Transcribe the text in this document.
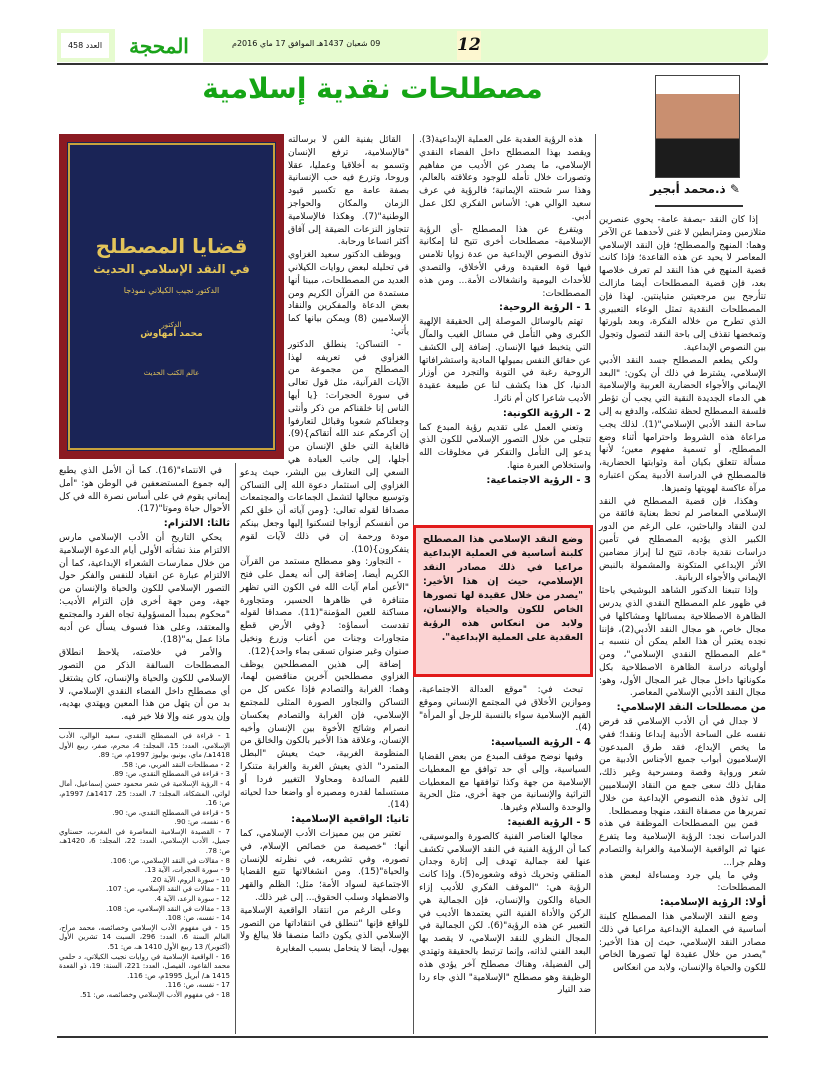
العدد 458	المحجة	09 شعبان 1437هـ الموافق 17 ماي 2016م	12
مصطلحات نقدية إسلامية
✎ ذ.محمد أبجير
قضايا المصطلح
في النقد الإسلامي الحديث
الدكتور نجيب الكيلاني نموذجا
الدكتور
محمد أمهاوش
عالم الكتب الحديث

إذا كان النقد -بصفة عامة- يحوي عنصرين متلازمين ومترابطين لا غنى لأحدهما عن الآخر وهما: المنهج والمصطلح؛ فإن النقد الإسلامي المعاصر لا يحيد عن هذه القاعدة؛ فإذا كانت قضية المنهج في هذا النقد لم تعرف خلاصها بعد، فإن قضية المصطلحات أيضا مازالت تتأرجح بين مرجعيتين متباينتين. لهذا فإن المصطلحات النقدية تمثل الوعاء التعبيري الذي تطرح من خلاله الفكرة، وبعد بلورتها وتمخضها تقذف إلى باحة النقد لتصول وتجول بين النصوص الإبداعية.

ولكي يطعم المصطلح جسد النقد الأدبي الإسلامي، يشترط في ذلك أن يكون: "البعد الإيماني والأجواء الحضارية العربية والإسلامية هي الدماء الجديدة النقية التي يجب أن تؤطر فلسفة المصطلح لحظة تشكله، والدفع به إلى ساحة النقد الأدبي الإسلامي"(1). لذلك يجب مراعاة هذه الشروط واحترامها أثناء وضع المصطلح، أو تسمية مفهوم معين؛ لأنها مسألة تتعلق بكيان أمة وثوابتها الحضارية، فالمصطلح في الدراسة الأدبية يمكن اعتباره مرآة عاكسة لهويتها وتميزها.

وهكذا، فإن قضية المصطلح في النقد الإسلامي المعاصر لم تحظ بعناية فائقة من لدن النقاد والباحثين، على الرغم من الدور الكبير الذي يؤديه المصطلح في تأمين دراسات نقدية جادة، تتيح لنا إبراز مضامين الأثر الإبداعي المتكونة والمشمولة بالنبض الإيماني والأجواء الربانية.

وإذا تتبعنا الدكتور الشاهد البوشيخي باحثا في ظهور علم المصطلح النقدي الذي يدرس الظاهرة الاصطلاحية بمسائلها ومشاكلها في مجال خاص، هو مجال النقد الأدبي(2)، فإننا نجده يعتبر أن هذا العلم يمكن أن ننسبه بـ "علم المصطلح النقدي الإسلامي"، ومن أولوياته دراسة الظاهرة الاصطلاحية بكل مكوناتها داخل مجال غير المجال الأول، وهو: مجال النقد الأدبي الإسلامي المعاصر.

من مصطلحات النقد الإسلامي:

لا جدال في أن الأدب الإسلامي قد فرض نفسه على الساحة الأدبية إبداعا ونقدا؛ ففي ما يخص الإبداع، فقد طرق المبدعون الإسلاميون أبواب جميع الأجناس الأدبية من شعر ورواية وقصة ومسرحية وغير ذلك، مقابل ذلك سعى جمع من النقاد الإسلاميين إلى تذوق هذه النصوص الإبداعية من خلال تمريرها من مصفاة النقد، منهجا ومصطلحا.

فمن بين المصطلحات الموظفة في هذه الدراسات نجد: الرؤية الإسلامية وما يتفرع عنها ثم الواقعية الإسلامية والغرابة والتصادم وهلم جرا...

وفي ما يلي جرد ومساءلة لبعض هذه المصطلحات:

أولا: الرؤية الإسلامية:

وضع النقد الإسلامي هذا المصطلح كلبنة أساسية في العملية الإبداعية مراعيا في ذلك مصادر النقد الإسلامي، حيث إن هذا الأخير: "يصدر من خلال عقيدة لها تصورها الخاص للكون والحياة والإنسان، ولابد من انعكاس

هذه الرؤية العقدية على العملية الإبداعية(3). ويقصد بهذا المصطلح داخل الفضاء النقدي الإسلامي، ما يصدر عن الأديب من مفاهيم وتصورات خلال تأمله للوجود وعلاقته بالعالم، وهذا سر شحنته الإيمانية؛ فالرؤية في عرف سعيد الوالي هي: الأساس الفكري لكل عمل أدبي.

ويتفرع عن هذا المصطلح -أي الرؤية الإسلامية- مصطلحات أخرى تتيح لنا إمكانية تذوق النصوص الإبداعية من عدة زوايا تلامس فيها قوة العقيدة ورقي الأخلاق، والتصدي للأحداث اليومية وانشغالات الأمة... ومن هذه المصطلحات:

1 - الرؤية الروحية:

تهتم بالوسائل الموصلة إلى الحقيقة الإلهية الكبرى وهي التأمل في مسائل الغيب والمآل التي يتخبط فيها الإنسان. إضافة إلى الكشف عن حقائق النفس بميولها المادية واستشرافاتها الروحية رغبة في التوبة والتجرد من أوزار الدنيا، كل هذا يكشف لنا عن طبيعة عقيدة الأديب شاعرا كان أم ناثرا.

2 - الرؤية الكونية:

وتعني العمل على تقديم رؤية المبدع كما تتجلى من خلال التصور الإسلامي للكون الذي يدعو إلى التأمل والتفكر في مخلوقات الله واستخلاص العبرة منها.

3 - الرؤية الاجتماعية:
وضع النقد الإسلامي هذا المصطلح كلبنة أساسية في العملية الإبداعية مراعيا في ذلك مصادر النقد الإسلامي، حيث إن هذا الأخير: "يصدر من خلال عقيدة لها تصورها الخاص للكون والحياة والإنسان، ولابد من انعكاس هذه الرؤية العقدية على العملية الإبداعية".

تبحث في: "موقع العدالة الاجتماعية، وموازين الأخلاق في المجتمع الإنساني وموقع القيم الإسلامية سواء بالنسبة للرجل أو المرأة"(4).

4 - الرؤية السياسية:

وفيها نوضح موقف المبدع من بعض القضايا السياسية، وإلى أي حد توافق مع المعطيات الإسلامية من جهة وكذا توافقها مع المعطيات التراثية والإنسانية من جهة أخرى، مثل الحرية والوحدة والسلام وغيرها.

5 - الرؤية الفنية:

مجالها العناصر الفنية كالصورة والموسيقى، كما أن الرؤية الفنية في النقد الإسلامي تكشف عنها لغة جمالية تهدف إلى إثارة وجدان المتلقي وتحريك ذوقه وشعوره(5). وإذا كانت الرؤية هي: "الموقف الفكري للأديب إزاء الحياة والكون والإنسان، فإن الجمالية هي الركن والأداة الفنية التي يعتمدها الأديب في التعبير عن هذه الرؤية"(6). لكن الجمالية في المجال النظري للنقد الإسلامي، لا يقصد بها البعد الفني لذاته، وإنما ترتبط بالحقيقة وتهتدي إلى الفضيلة، وهناك مصطلح آخر يؤدي هذه الوظيفة وهو مصطلح "الإسلامية" الذي جاء ردا ضد التيار

القائل بفنية الفن لا برسالته "فالإسلامية، ترفع الإنسان وتسمو به أخلاقيا وعمليا، عقلا وروحا، وتزرع فيه حب الإنسانية بصفة عامة مع تكسير قيود الزمان والمكان والحواجز الوطنية"(7). وهكذا فالإسلامية تتجاوز النزعات الضيقة إلى آفاق أكثر اتساعا ورحابة.

ويوظف الدكتور سعيد الغزاوي في تحليله لبعض روايات الكيلاني العديد من المصطلحات، مبينا أنها مستمدة من القرآن الكريم ومن بعض الدعاة والمفكرين والنقاد الإسلاميين (8) ويمكن بيانها كما يأتي:

- التساكن: ينطلق الدكتور الغزاوي في تعريفه لهذا المصطلح من مجموعة من الآيات القرآنية، مثل قول تعالى في سورة الحجرات: {يا أيها الناس إنا خلقناكم من ذكر وأنثى وجعلناكم شعوبا وقبائل لتعارفوا إن أكرمكم عند الله أتقاكم}(9). فالغاية التي خلق الإنسان من أجلها، إلى جانب العبادة هي السعي إلى التعارف بين البشر، حيث يدعو الغزاوي إلى استثمار دعوة الله إلى التساكن وتوسيع مجالها لتشمل الجماعات والمجتمعات مصداقا لقوله تعالى: {ومن آياته أن خلق لكم من أنفسكم أزواجا لتسكنوا إليها وجعل بينكم مودة ورحمة إن في ذلك لآيات لقوم يتفكرون}(10).

- التجاور: وهو مصطلح مستمد من القرآن الكريم أيضا، إضافة إلى أنه يعمل على فتح "الأعين أمام آيات الله في الكون التي تظهر متنافرة في ظاهرها الحسير، ومتجاورة مساكنة للعين المؤمنة"(11). مصداقا لقوله تقدست أسماؤه: {وفي الأرض قطع متجاورات وجنات من أعناب وزرع ونخيل صنوان وغير صنوان تسقى بماء واحد}(12).

إضافة إلى هذين المصطلحين يوظف الغزاوي مصطلحين آخرين مناقضين لهما، وهما: الغرابة والتصادم فإذا عكس كل من التساكن والتجاور الصورة المثلى للمجتمع الإسلامي، فإن الغرابة والتصادم يعكسان انصرام وشائج الأخوة بين الإنسان وأخيه الإنسان، وعلاقة هذا الأخير بالكون والخالق من المنظومة الغربية، حيث يعيش "البطل المتمرد" الذي يعيش الغربة والغرابة متنكرا للقيم السائدة ومحاولا التغيير فردا أو مستسلما لقدره ومصيره أو واضعا حدا لحياته (14).

ثانيا: الواقعية الإسلامية:

تعتبر من بين مميزات الأدب الإسلامي، كما أنها: "خصيصة من خصائص الإسلام، في تصوره، وفي تشريعه، في نظرته للإنسان والحياة"(15). ومن انشغالاتها تتبع القضايا الاجتماعية لسواد الأمة؛ مثل: الظلم والقهر والاضطهاد وسلب الحقوق... إلى غير ذلك.

وعلى الرغم من انتقاد الواقعية الإسلامية للواقع فإنها "تنطلق في انتقاداتها من التصور الإسلامي الذي يكون دائما منصفا فلا يبالغ ولا يهول، أيضا لا يتحامل بسبب المغايرة

في الانتماء"(16). كما أن الأمل الذي يطبع إليه جموع المستضعفين في الوطن هو: "أمل إيماني يقوم في على أساس نصرة الله في كل الأحوال حياة وموتا"(17).

ثالثا: الالتزام:

يحكي التاريخ أن الأدب الإسلامي مارس الالتزام منذ نشأته الأولى أيام الدعوة الإسلامية من خلال ممارسات الشعراء الإبداعية، كما أن الالتزام عبارة عن انقياد للنفس والفكر حول التصور الإسلامي للكون والحياة والإنسان من جهة، ومن جهة أخرى فإن التزام الأديب: "محكوم بمبدأ المسؤولية تجاه الفرد والمجتمع والمعتقد، وعلى هذا فسوف يسأل عن أدبه ماذا عمل به"(18).

والأمر في خلاصته، يلاحظ انطلاق المصطلحات السالفة الذكر من التصور الإسلامي للكون والحياة والإنسان، كان يشتغل أي مصطلح داخل الفضاء النقدي الإسلامي، لا بد من أن يتهل من هذا المعين ويهتدي بهديه، وإن يدور عنه وإلا فلا خير فيه.

1 - قراءة في المصطلح النقدي، سعيد الوالي، الأدب الإسلامي، العدد: 15، المجلد: 4، محرم، صفر، ربيع الأول 1418هـ/ ماي، يونيو، يوليوز 1997م، ص: 89.
2 - مصطلحات النقد العربي، ص: 58.
3 - قراءة في المصطلح النقدي، ص: 89.
4 - الرؤية الإسلامية في شعر محمود حسن إسماعيل، أمال لواتي، المشكاة، المجلد: 7، العدد: 25، 1417هـ/ 1997م، ص: 16.
5 - قراءة في المصطلح النقدي، ص: 90.
6 - نفسه، ص: 90.
7 - القصيدة الإسلامية المعاصرة في المغرب، حسناوي جميل، الأدب الإسلامي، العدد: 22، المجلد: 6، 1420هـ، ص: 78.
8 - مقالات في النقد الإسلامي، ص: 106.
9 - سورة الحجرات، الآية 13.
10 - سورة الروم، الآية 20.
11 - مقالات في النقد الإسلامي، ص: 107.
12 - سورة الرعد، الآية 4.
13 - مقالات في النقد الإسلامي، ص: 108.
14 - نفسه، ص: 108.
15 - في مفهوم الأدب الإسلامي وخصائصه، محمد مراح، العالم السنة 6، العدد: 296، السبت 14 تشرين الأول (أكتوبر)/ 13 ربيع الأول 1410 هـ، ص: 51.
16 - الواقعية الإسلامية في روايات نجيب الكيلاني، د حلمي محمد القاعود، الفيصل، العدد: 221، السنة: 19، ذو القعدة 1415 هـ/ أبريل 1995م، ص: 116.
17 - نفسه، ص: 116.
18 - في مفهوم الأدب الإسلامي وخصائصه، ص: 51.
